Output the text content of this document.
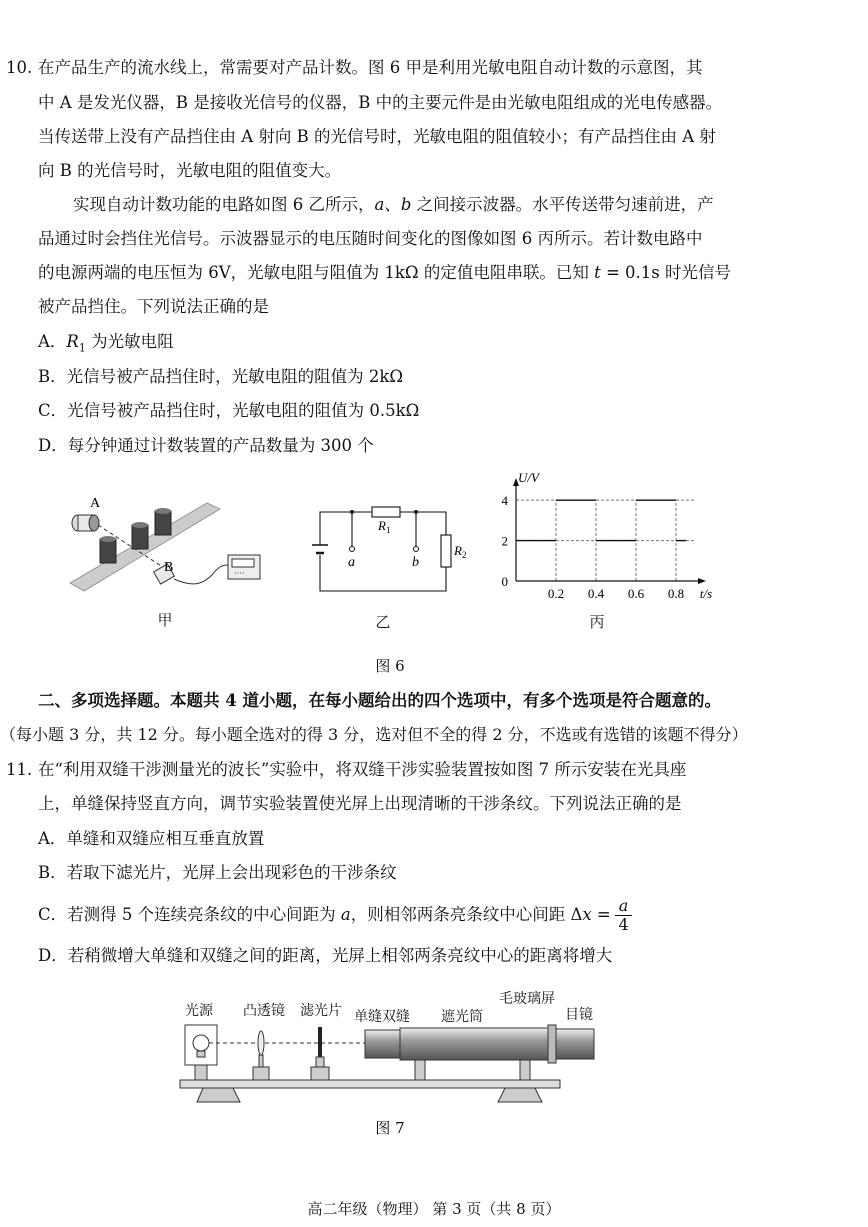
10. 在产品生产的流水线上，常需要对产品计数。图 6 甲是利用光敏电阻自动计数的示意图，其
中 A 是发光仪器，B 是接收光信号的仪器，B 中的主要元件是由光敏电阻组成的光电传感器。
当传送带上没有产品挡住由 A 射向 B 的光信号时，光敏电阻的阻值较小；有产品挡住由 A 射
向 B 的光信号时，光敏电阻的阻值变大。
实现自动计数功能的电路如图 6 乙所示，a、b 之间接示波器。水平传送带匀速前进，产
品通过时会挡住光信号。示波器显示的电压随时间变化的图像如图 6 丙所示。若计数电路中
的电源两端的电压恒为 6V，光敏电阻与阻值为 1kΩ 的定值电阻串联。已知 t = 0.1s 时光信号
被产品挡住。下列说法正确的是
A．$R_1$ 为光敏电阻
B．光信号被产品挡住时，光敏电阻的阻值为 2kΩ
C．光信号被产品挡住时，光敏电阻的阻值为 0.5kΩ
D．每分钟通过计数装置的产品数量为 300 个
A
B	····
甲
$R_1$
$R_2$
a	b
乙
0.2 0.4 0.6 0.8
2
4
0
t/s
U/V
丙
图 6
二、多项选择题。本题共 4 道小题，在每小题给出的四个选项中，有多个选项是符合题意的。
（每小题 3 分，共 12 分。每小题全选对的得 3 分，选对但不全的得 2 分，不选或有选错的该题不得分）
11. 在“利用双缝干涉测量光的波长”实验中，将双缝干涉实验装置按如图 7 所示安装在光具座
上，单缝保持竖直方向，调节实验装置使光屏上出现清晰的干涉条纹。下列说法正确的是
A．单缝和双缝应相互垂直放置
B．若取下滤光片，光屏上会出现彩色的干涉条纹
C．若测得 5 个连续亮条纹的中心间距为 a，则相邻两条亮条纹中心间距 $\Delta x = \frac{a}{4}$
D．若稍微增大单缝和双缝之间的距离，光屏上相邻两条亮纹中心的距离将增大
光源	凸透镜	滤光片 单缝双缝	遮光筒
毛玻璃屏
目镜
图 7
高二年级（物理） 第 3 页（共 8 页）
